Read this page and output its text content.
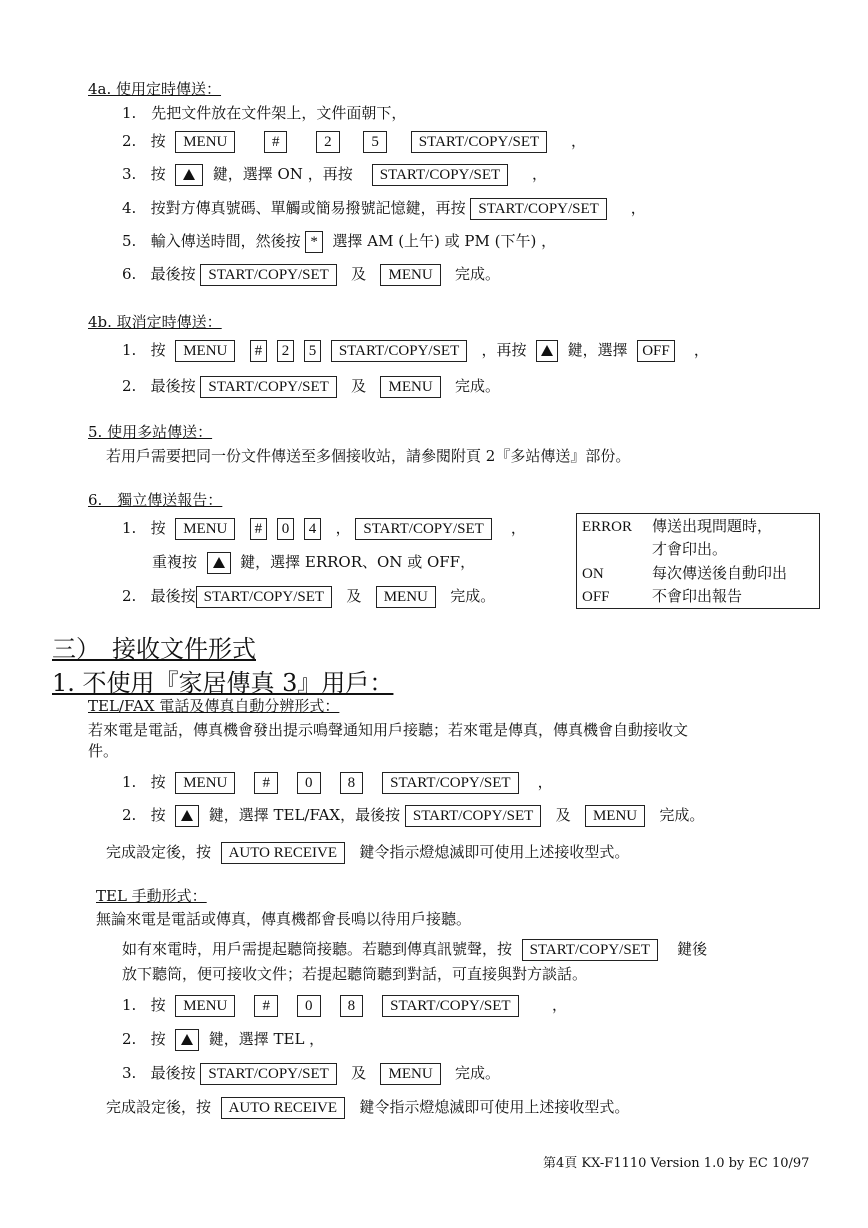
4a. 使用定時傳送：
1.　先把文件放在文件架上，文件面朝下，
2. 按 MENU	#	2	5	START/COPY/SET ，
3. 按	鍵，選擇 ON ，再按 START/COPY/SET ，
4. 按對方傳真號碼、單觸或簡易撥號記憶鍵，再按 START/COPY/SET ，
5. 輸入傳送時間，然後按 * 選擇 AM (上午) 或 PM (下午) ，
6. 最後按 START/COPY/SET 及 MENU 完成。
4b. 取消定時傳送：
1. 按 MENU # 2 5 START/COPY/SET ，再按	鍵，選擇 OFF ，
2. 最後按 START/COPY/SET 及 MENU 完成。
5. 使用多站傳送：
若用戶需要把同一份文件傳送至多個接收站，請參閱附頁 2『多站傳送』部份。
6.　獨立傳送報告：
1. 按 MENU # 0 4 ， START/COPY/SET ，
重複按	鍵，選擇 ERROR、ON 或 OFF，
2. 最後按 START/COPY/SET 及 MENU 完成。
ERROR 傳送出現問題時，
才會印出。
ON	每次傳送後自動印出
OFF	不會印出報告
三）　接收文件形式
1. 不使用『家居傳真 3』用戶：
TEL/FAX 電話及傳真自動分辨形式：
若來電是電話，傳真機會發出提示鳴聲通知用戶接聽；若來電是傳真，傳真機會自動接收文
件。
1. 按 MENU # 0 8 START/COPY/SET ，
2. 按	鍵，選擇 TEL/FAX，最後按 START/COPY/SET 及 MENU 完成。
完成設定後，按 AUTO RECEIVE 鍵令指示燈熄滅即可使用上述接收型式。
TEL 手動形式：
無論來電是電話或傳真，傳真機都會長鳴以待用戶接聽。
如有來電時，用戶需提起聽筒接聽。若聽到傳真訊號聲，按 START/COPY/SET 鍵後
放下聽筒，便可接收文件；若提起聽筒聽到對話，可直接與對方談話。
1. 按 MENU # 0 8 START/COPY/SET	，
2. 按	鍵，選擇 TEL ，
3. 最後按 START/COPY/SET 及 MENU 完成。
完成設定後，按 AUTO RECEIVE 鍵令指示燈熄滅即可使用上述接收型式。
第4頁 KX-F1110 Version 1.0 by EC 10/97
